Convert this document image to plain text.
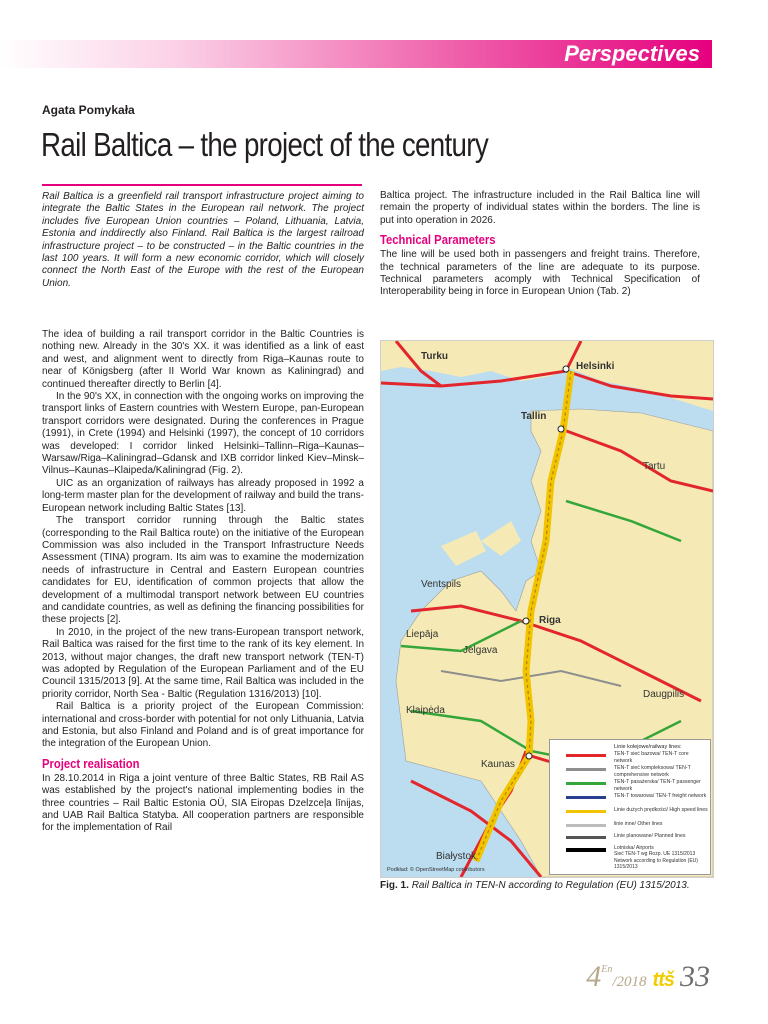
Perspectives
Agata Pomykała
Rail Baltica – the project of the century

Rail Baltica is a greenfield rail transport infrastructure project aiming to integrate the Baltic States in the European rail network. The project includes five European Union countries – Poland, Lithuania, Latvia, Estonia and inddirectly also Finland. Rail Baltica is the largest railroad infrastructure project – to be constructed – in the Baltic countries in the last 100 years. It will form a new economic corridor, which will closely connect the North East of the Europe with the rest of the European Union.

The idea of building a rail transport corridor in the Baltic Countries is nothing new. Already in the 30's XX. it was identified as a link of east and west, and alignment went to directly from Riga–Kaunas route to near of Königsberg (after II World War known as Kaliningrad) and continued thereafter directly to Berlin [4].

In the 90's XX, in connection with the ongoing works on improving the transport links of Eastern countries with Western Europe, pan-European transport corridors were designated. During the conferences in Prague (1991), in Crete (1994) and Helsinki (1997), the concept of 10 corridors was developed: I corridor linked Helsinki–Tallinn–Riga–Kaunas–Warsaw/Riga–Kaliningrad–Gdansk and IXB corridor linked Kiev–Minsk–Vilnus–Kaunas–Klaipeda/Kaliningrad (Fig. 2).

UIC as an organization of railways has already proposed in 1992 a long-term master plan for the development of railway and build the trans-European network including Baltic States [13].

The transport corridor running through the Baltic states (corresponding to the Rail Baltica route) on the initiative of the European Commission was also included in the Transport Infrastructure Needs Assessment (TINA) program. Its aim was to examine the modernization needs of infrastructure in Central and Eastern European countries candidates for EU, identification of common projects that allow the development of a multimodal transport network between EU countries and candidate countries, as well as defining the financing possibilities for these projects [2].

In 2010, in the project of the new trans-European transport network, Rail Baltica was raised for the first time to the rank of its key element. In 2013, without major changes, the draft new transport network (TEN-T) was adopted by Regulation of the European Parliament and of the EU Council 1315/2013 [9]. At the same time, Rail Baltica was included in the priority corridor, North Sea - Baltic (Regulation 1316/2013) [10].

Rail Baltica is a priority project of the European Commission: international and cross-border with potential for not only Lithuania, Latvia and Estonia, but also Finland and Poland and is of great importance for the integration of the European Union.

Project realisation

In 28.10.2014 in Riga a joint venture of three Baltic States, RB Rail AS was established by the project's national implementing bodies in the three countries – Rail Baltic Estonia OÜ, SIA Eiropas Dzelzceļa līnijas, and UAB Rail Baltica Statyba. All cooperation partners are responsible for the implementation of Rail

Baltica project. The infrastructure included in the Rail Baltica line will remain the property of individual states within the borders. The line is put into operation in 2026.

Technical Parameters

The line will be used both in passengers and freight trains. Therefore, the technical parameters of the line are adequate to its purpose. Technical parameters acomply with Technical Specification of Interoperability being in force in European Union (Tab. 2)

Turku
Helsinki
Tallin
Tartu
Ventspils
Riga
Liepāja
Jelgava
Daugpilis
Klaipėda
Kaunas
Białystok
Podkład: © OpenStreetMap contributors
Linie kolejowe/railway lines:
TEN-T sieć bazowa/ TEN-T core network
TEN-T sieć kompleksowa/ TEN-T comprehensive network
TEN-T pasażerska/ TEN-T passenger network
TEN-T towarowa/ TEN-T freight network
Linie dużych prędkości/ High speed lines
linie inne/ Other lines
Linie planowane/ Planned lines
Lotniska/ Airports
Sieć TEN-T wg Rozp. UE 1315/2013 Network according to Regulation (EU) 1315/2013
Fig. 1. Rail Baltica in TEN-N according to Regulation (EU) 1315/2013.
4$^{En}$/2018 ttš 33
